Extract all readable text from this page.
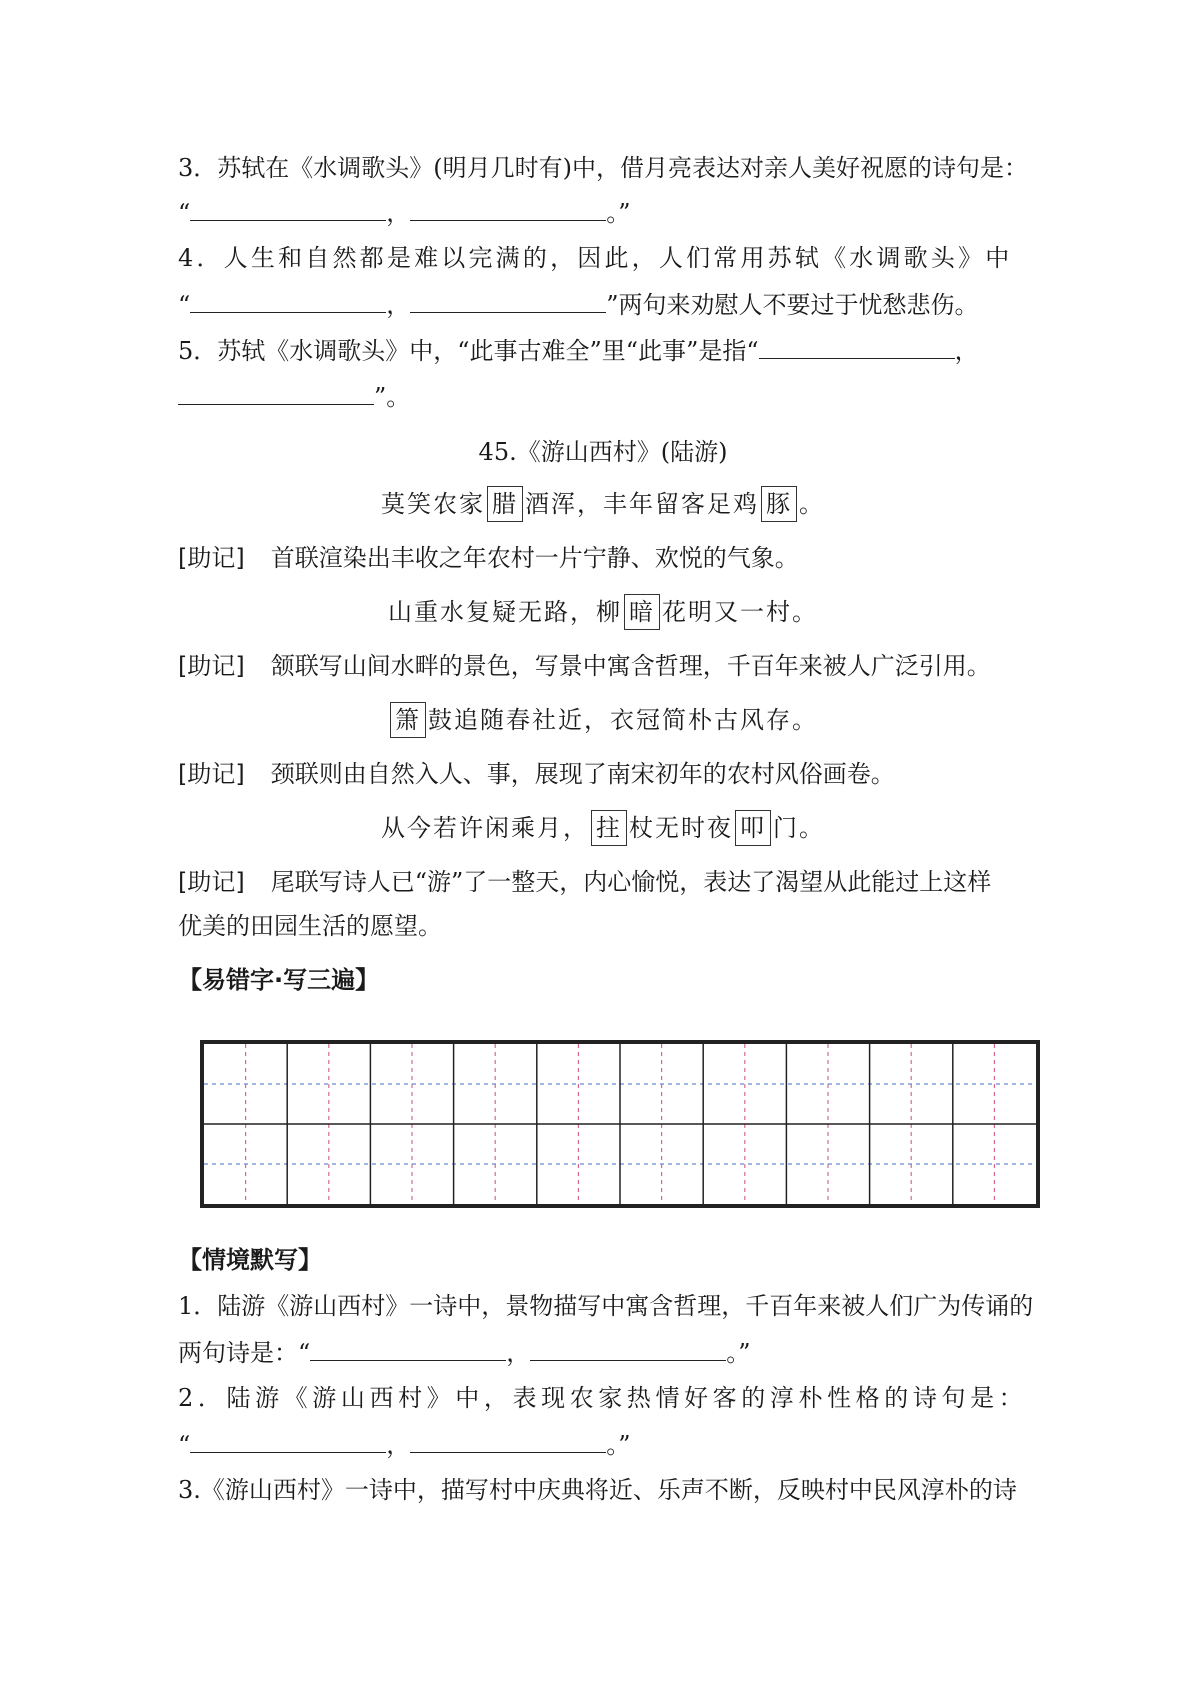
3．苏轼在《水调歌头》(明月几时有)中，借月亮表达对亲人美好祝愿的诗句是：
“	，	。”
4．人生和自然都是难以完满的，因此，人们常用苏轼《水调歌头》中
“	，	”两句来劝慰人不要过于忧愁悲伤。
5．苏轼《水调歌头》中，“此事古难全”里“此事”是指“	，
”。
45.《游山西村》(陆游)
莫笑农家 腊 酒浑，丰年留客足鸡 豚 。
[助记] 首联渲染出丰收之年农村一片宁静、欢悦的气象。
山重水复疑无路，柳 暗 花明又一村。
[助记] 颔联写山间水畔的景色，写景中寓含哲理，千百年来被人广泛引用。
箫 鼓追随春社近，衣冠简朴古风存。
[助记] 颈联则由自然入人、事，展现了南宋初年的农村风俗画卷。
从今若许闲乘月， 拄 杖无时夜 叩 门。
[助记] 尾联写诗人已“游”了一整天，内心愉悦，表达了渴望从此能过上这样
优美的田园生活的愿望。
【易错字·写三遍】
【情境默写】
1．陆游《游山西村》一诗中，景物描写中寓含哲理，千百年来被人们广为传诵的
两句诗是：“	，	。”
2．陆游《游山西村》中，表现农家热情好客的淳朴性格的诗句是：
“	，	。”
3.《游山西村》一诗中，描写村中庆典将近、乐声不断，反映村中民风淳朴的诗
